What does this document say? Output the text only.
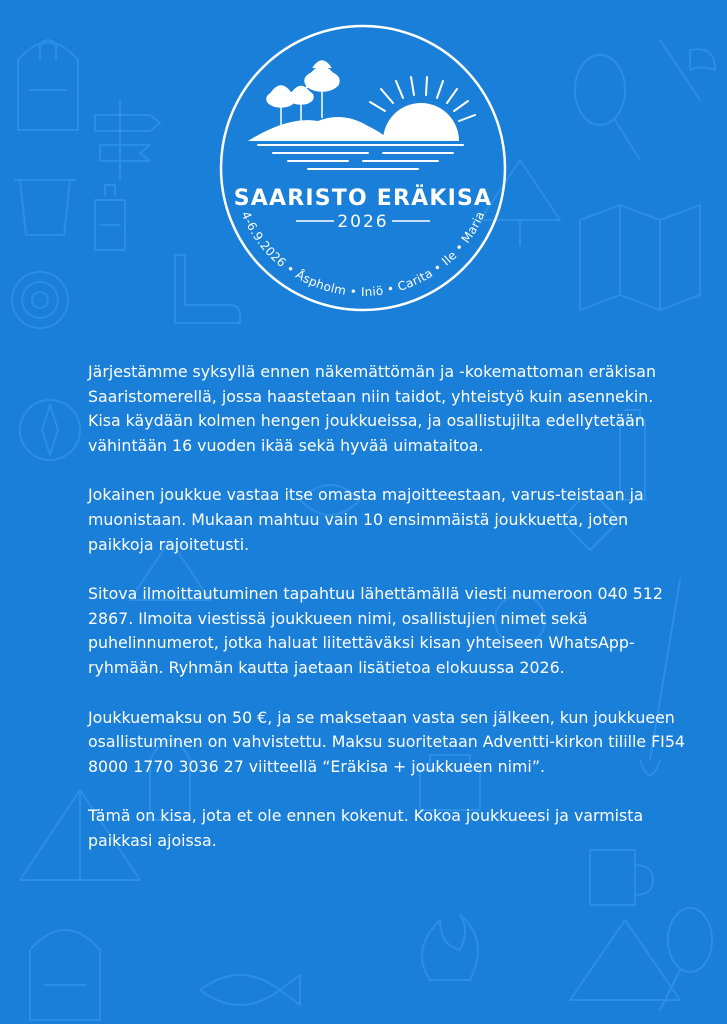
SAARISTO ERÄKISA
2026
4-6.9.2026 • Åspholm • Iniö • Carita • Ile • Maria

Järjestämme syksyllä ennen näkemättömän ja -kokemattoman eräkisan Saaristomerellä, jossa haastetaan niin taidot, yhteistyö kuin asennekin. Kisa käydään kolmen hengen joukkueissa, ja osallistujilta edellytetään vähintään 16 vuoden ikää sekä hyvää uimataitoa.

Jokainen joukkue vastaa itse omasta majoitteestaan, varus-teistaan ja muonistaan. Mukaan mahtuu vain 10 ensimmäistä joukkuetta, joten paikkoja rajoitetusti.

Sitova ilmoittautuminen tapahtuu lähettämällä viesti numeroon 040 512 2867. Ilmoita viestissä joukkueen nimi, osallistujien nimet sekä puhelinnumerot, jotka haluat liitettäväksi kisan yhteiseen WhatsApp-ryhmään. Ryhmän kautta jaetaan lisätietoa elokuussa 2026.

Joukkuemaksu on 50 €, ja se maksetaan vasta sen jälkeen, kun joukkueen osallistuminen on vahvistettu. Maksu suoritetaan Adventti-kirkon tilille FI54 8000 1770 3036 27 viitteellä “Eräkisa + joukkueen nimi”.

Tämä on kisa, jota et ole ennen kokenut. Kokoa joukkueesi ja varmista paikkasi ajoissa.
